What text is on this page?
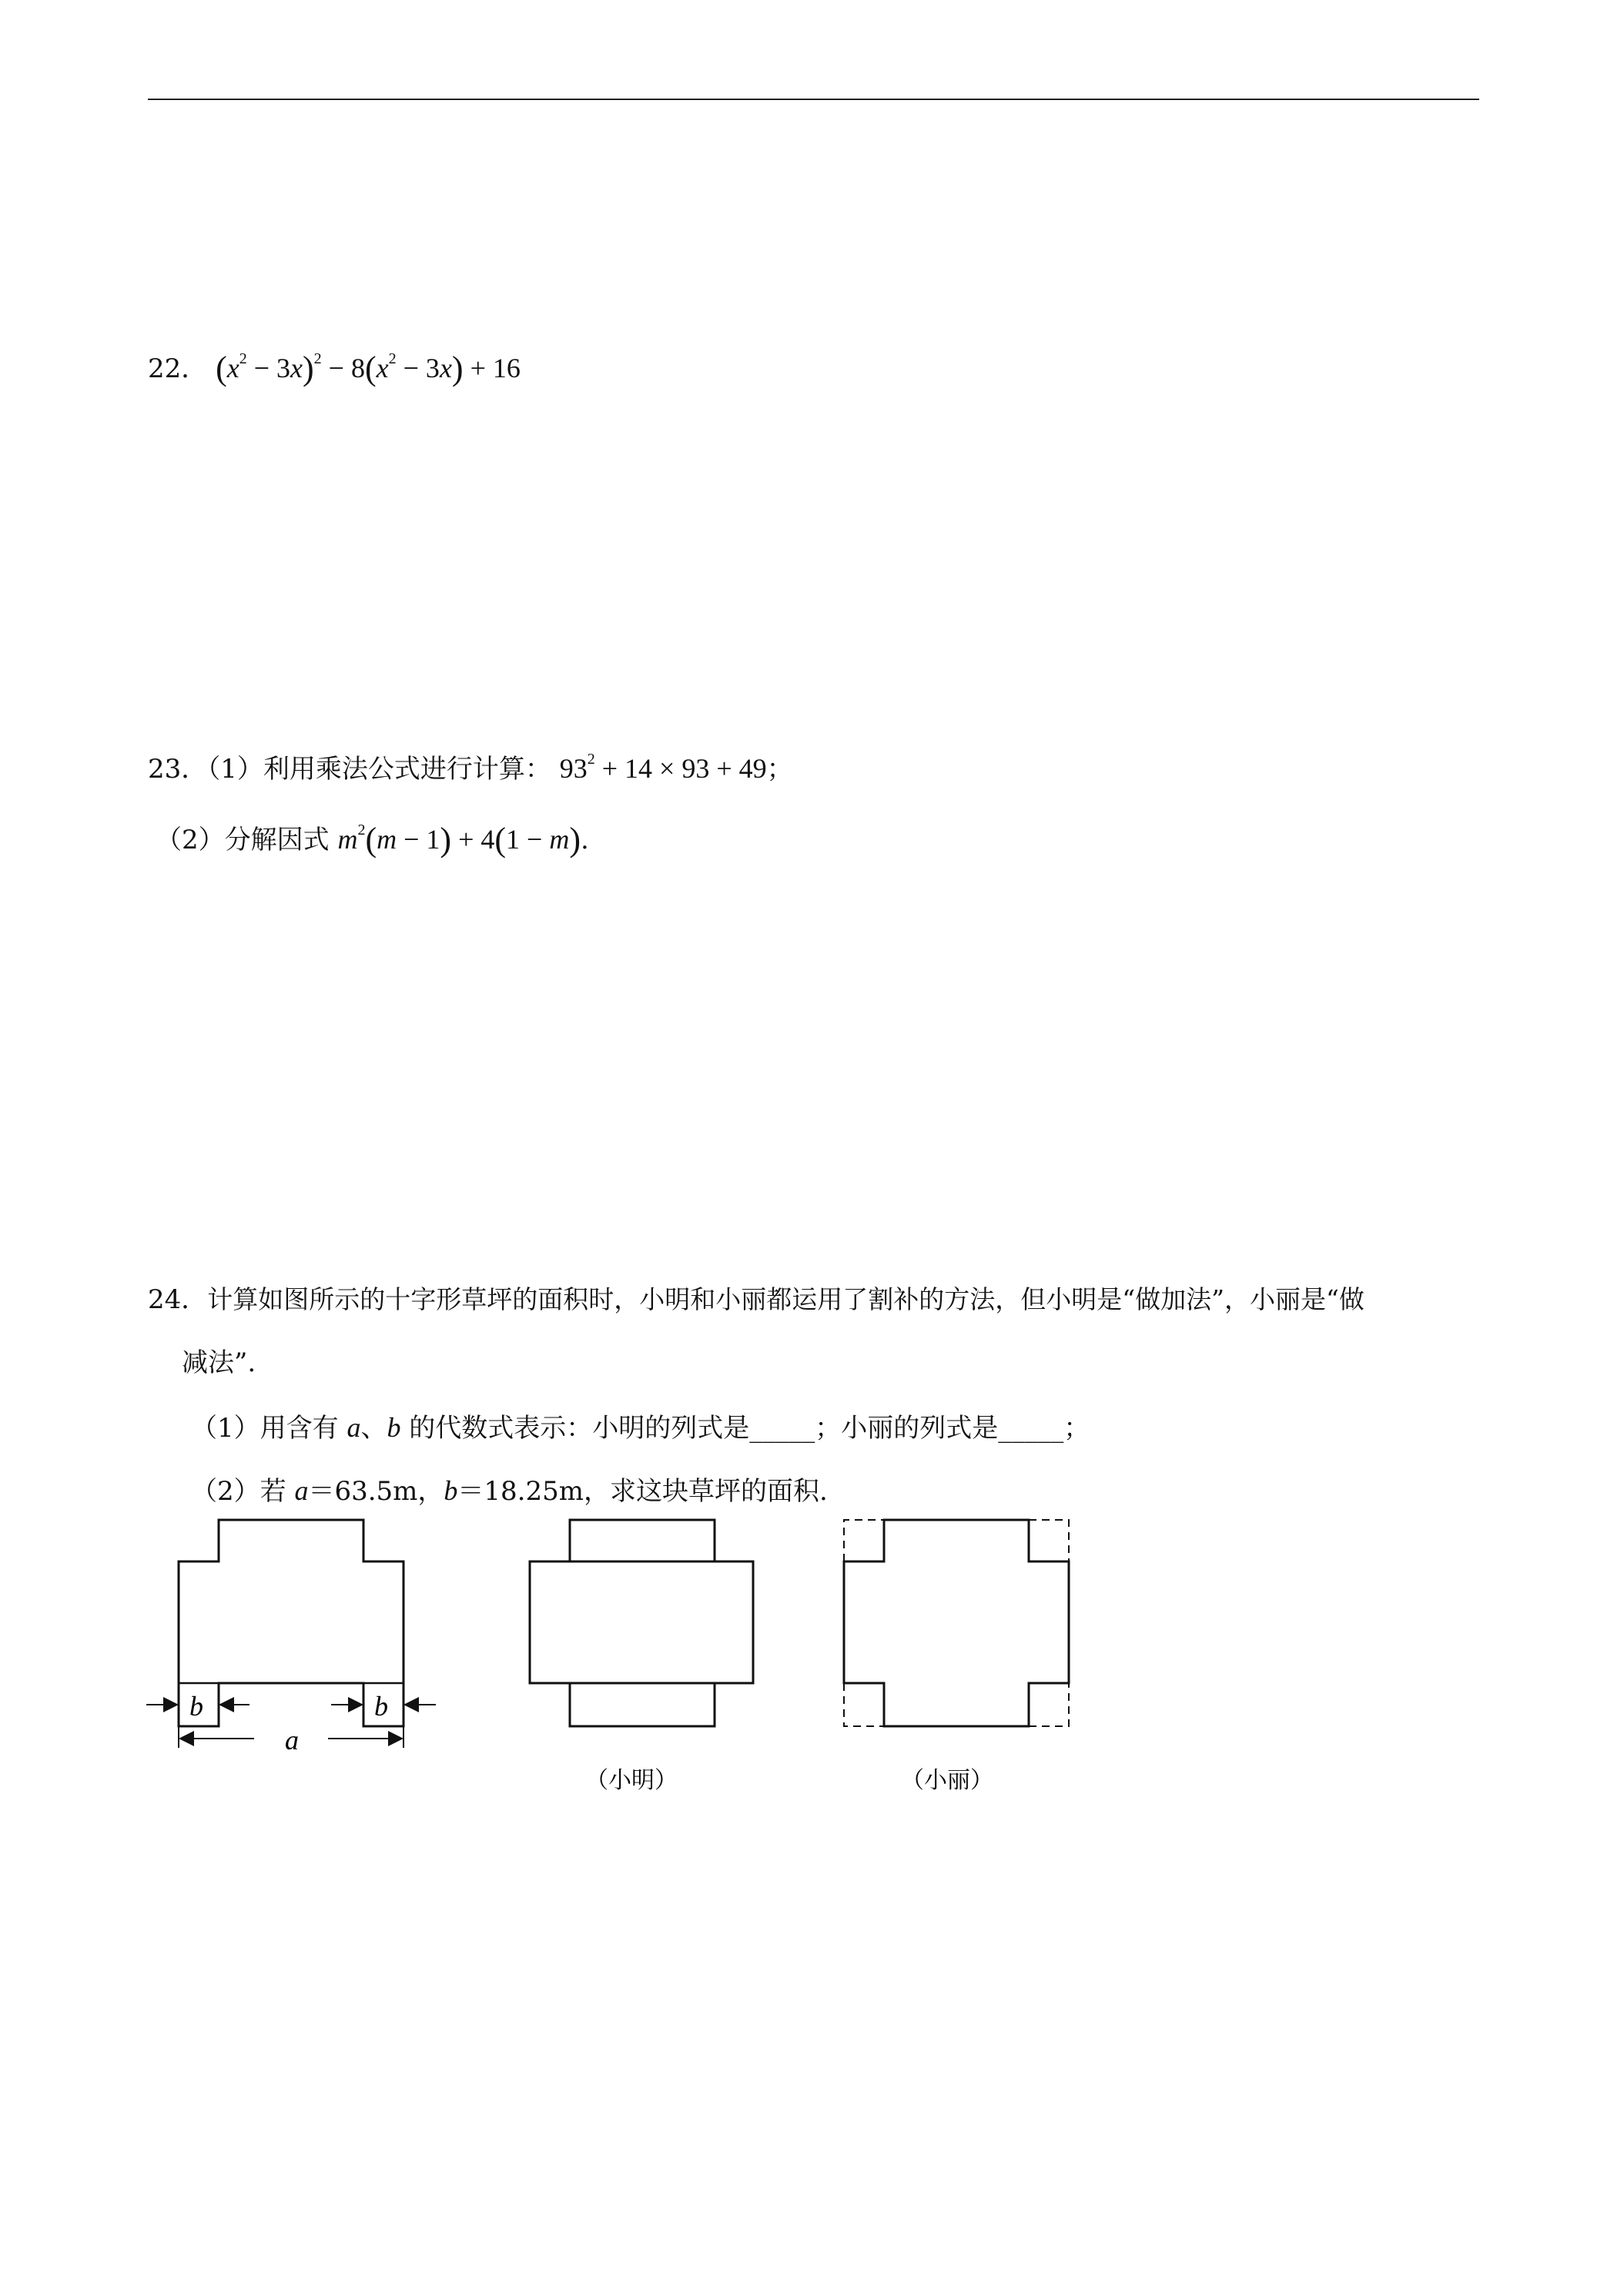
22． $(x^2 - 3x)^2 - 8(x^2 - 3x) + 16$
23．（1）利用乘法公式进行计算： $93^2 + 14 \times 93 + 49$；
（2）分解因式 $m^2(m - 1) + 4(1 - m)$.
24．计算如图所示的十字形草坪的面积时，小明和小丽都运用了割补的方法，但小明是“做加法”，小丽是“做
减法”.
（1）用含有 a、b 的代数式表示：小明的列式是_____；小丽的列式是_____；
（2）若 a＝63.5m，b＝18.25m，求这块草坪的面积.
b	b
a
（小明）	（小丽）
